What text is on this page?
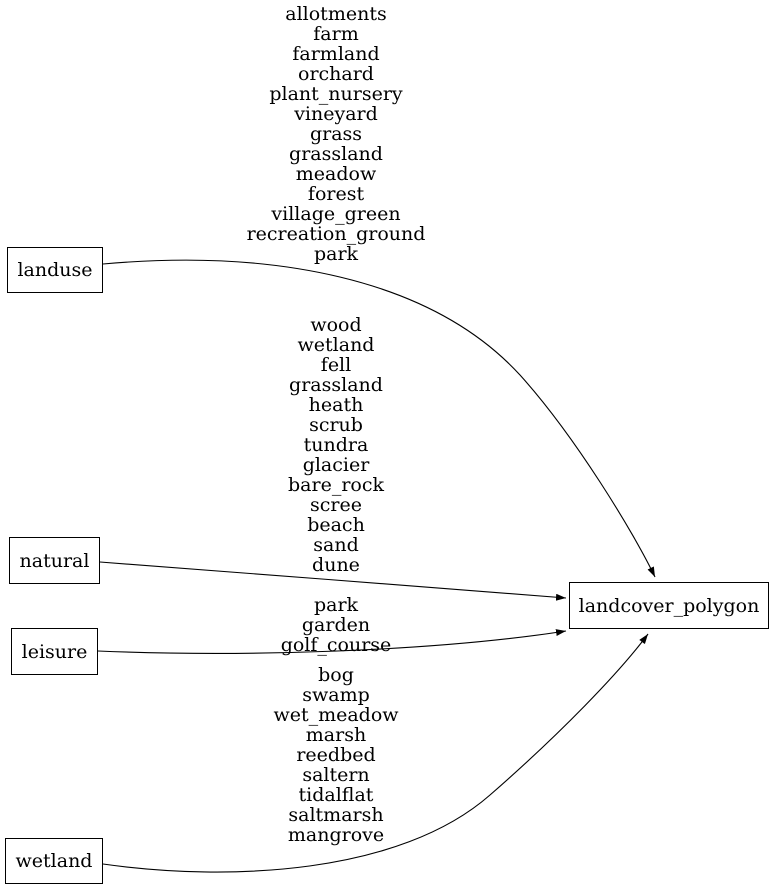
allotments
farm
farmland
orchard
plant_nursery
vineyard
grass
grassland
meadow
forest
village_green
recreation_ground
park
wood
wetland
fell
grassland
heath
scrub
tundra
glacier
bare_rock
scree
beach
sand
dune
park
garden
golf_course
bog
swamp
wet_meadow
marsh
reedbed
saltern
tidalflat
saltmarsh
mangrove
landuse
natural
leisure
wetland
landcover_polygon
